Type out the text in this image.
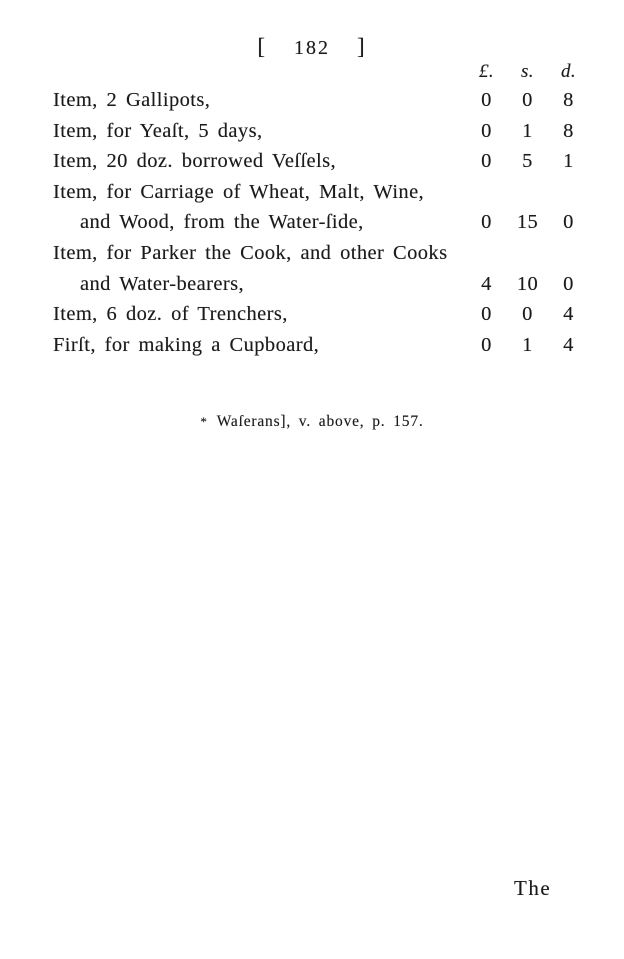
[ 182 ]
£.	s.	d.
Item, 2 Gallipots,	0	0	8
Item, for Yeaſt, 5 days,	0	1	8
Item, 20 doz. borrowed Veſſels,	0	5	1
Item, for Carriage of Wheat, Malt, Wine,
and Wood, from the Water-ſide,	0	15	0
Item, for Parker the Cook, and other Cooks
and Water-bearers,	4	10	0
Item, 6 doz. of Trenchers,	0	0	4
Firſt, for making a Cupboard,	0	1	4
* Waſerans], v. above, p. 157.
The
